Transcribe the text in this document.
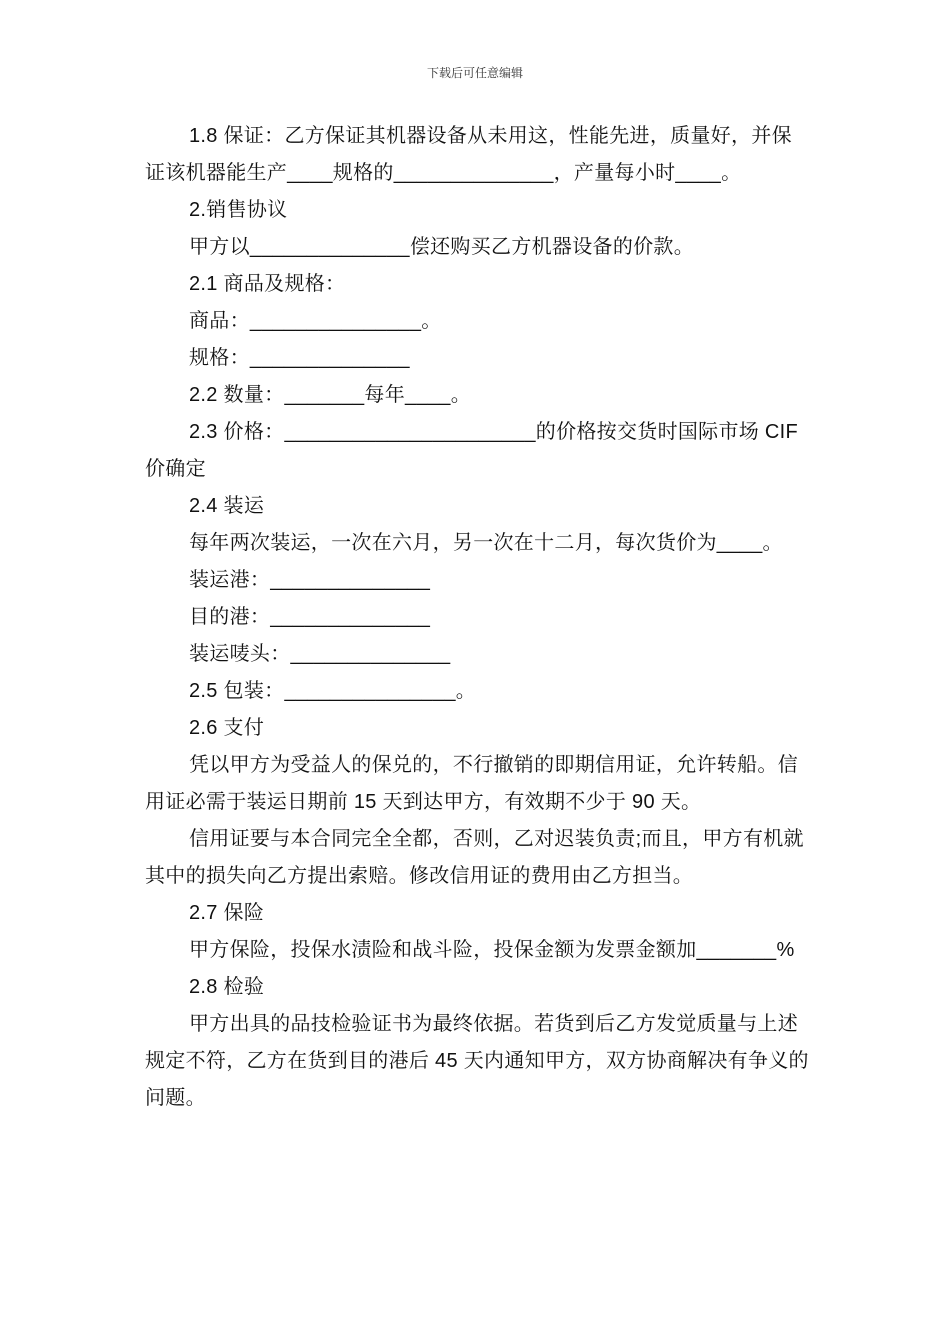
下载后可任意编辑

1.8 保证：乙方保证其机器设备从未用这，性能先进，质量好，并保证该机器能生产____规格的______________，产量每小时____。

2.销售协议

甲方以______________偿还购买乙方机器设备的价款。

2.1 商品及规格：

商品：_______________。

规格：______________

2.2 数量：_______每年____。

2.3 价格：______________________的价格按交货时国际市场 CIF 价确定

2.4 装运

每年两次装运，一次在六月，另一次在十二月，每次货价为____。

装运港：______________

目的港：______________

装运唛头：______________

2.5 包装：_______________。

2.6 支付

凭以甲方为受益人的保兑的，不行撤销的即期信用证，允许转船。信用证必需于装运日期前 15 天到达甲方，有效期不少于 90 天。

信用证要与本合同完全全都，否则，乙对迟装负责;而且，甲方有机就其中的损失向乙方提出索赔。修改信用证的费用由乙方担当。

2.7 保险

甲方保险，投保水渍险和战斗险，投保金额为发票金额加_______%

2.8 检验

甲方出具的品技检验证书为最终依据。若货到后乙方发觉质量与上述规定不符，乙方在货到目的港后 45 天内通知甲方，双方协商解决有争义的问题。
